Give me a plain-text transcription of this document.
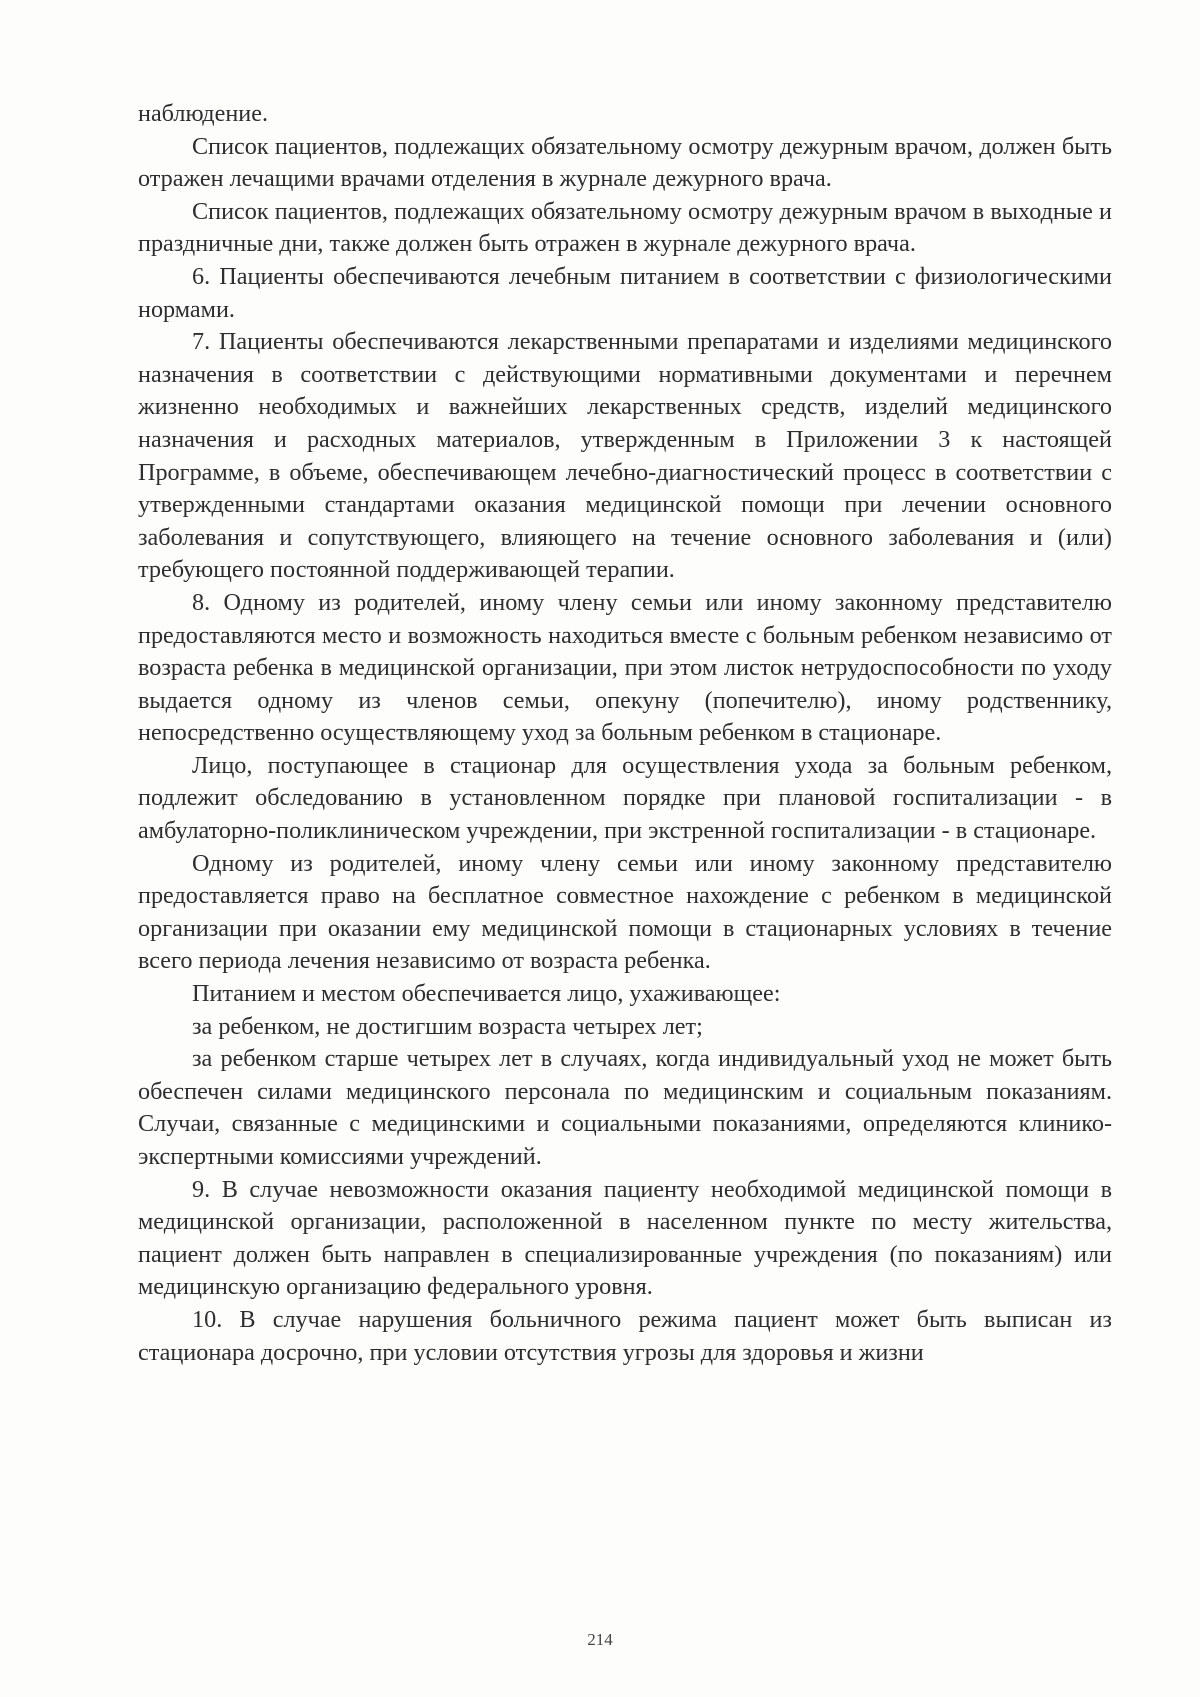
наблюдение.

Список пациентов, подлежащих обязательному осмотру дежурным врачом, должен быть отражен лечащими врачами отделения в журнале дежурного врача.

Список пациентов, подлежащих обязательному осмотру дежурным врачом в выходные и праздничные дни, также должен быть отражен в журнале дежурного врача.

6. Пациенты обеспечиваются лечебным питанием в соответствии с физиологическими нормами.

7. Пациенты обеспечиваются лекарственными препаратами и изделиями медицинского назначения в соответствии с действующими нормативными документами и перечнем жизненно необходимых и важнейших лекарственных средств, изделий медицинского назначения и расходных материалов, утвержденным в Приложении 3 к настоящей Программе, в объеме, обеспечивающем лечебно-диагностический процесс в соответствии с утвержденными стандартами оказания медицинской помощи при лечении основного заболевания и сопутствующего, влияющего на течение основного заболевания и (или) требующего постоянной поддерживающей терапии.

8. Одному из родителей, иному члену семьи или иному законному представителю предоставляются место и возможность находиться вместе с больным ребенком независимо от возраста ребенка в медицинской организации, при этом листок нетрудоспособности по уходу выдается одному из членов семьи, опекуну (попечителю), иному родственнику, непосредственно осуществляющему уход за больным ребенком в стационаре.

Лицо, поступающее в стационар для осуществления ухода за больным ребенком, подлежит обследованию в установленном порядке при плановой госпитализации - в амбулаторно-поликлиническом учреждении, при экстренной госпитализации - в стационаре.

Одному из родителей, иному члену семьи или иному законному представителю предоставляется право на бесплатное совместное нахождение с ребенком в медицинской организации при оказании ему медицинской помощи в стационарных условиях в течение всего периода лечения независимо от возраста ребенка.

Питанием и местом обеспечивается лицо, ухаживающее:

за ребенком, не достигшим возраста четырех лет;

за ребенком старше четырех лет в случаях, когда индивидуальный уход не может быть обеспечен силами медицинского персонала по медицинским и социальным показаниям. Случаи, связанные с медицинскими и социальными показаниями, определяются клинико-экспертными комиссиями учреждений.

9. В случае невозможности оказания пациенту необходимой медицинской помощи в медицинской организации, расположенной в населенном пункте по месту жительства, пациент должен быть направлен в специализированные учреждения (по показаниям) или медицинскую организацию федерального уровня.

10. В случае нарушения больничного режима пациент может быть выписан из стационара досрочно, при условии отсутствия угрозы для здоровья и жизни

214
